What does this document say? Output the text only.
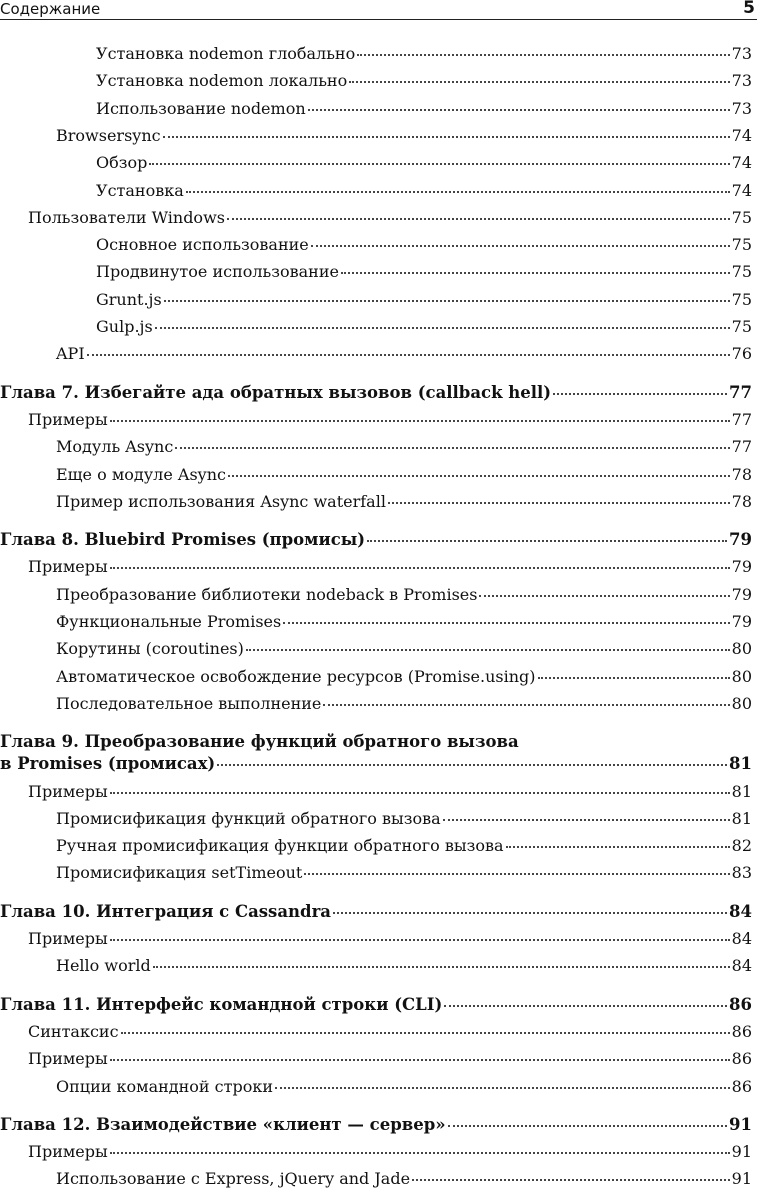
Содержание	5
Установка nodemon глобально	73
Установка nodemon локально	73
Использование nodemon	73
Browsersync	74
Обзор	74
Установка	74
Пользователи Windows	75
Основное использование	75
Продвинутое использование	75
Grunt.js	75
Gulp.js	75
API	76
Глава 7. Избегайте ада обратных вызовов (callback hell)	77
Примеры	77
Модуль Async	77
Еще о модуле Async	78
Пример использования Async waterfall	78
Глава 8. Bluebird Promises (промисы)	79
Примеры	79
Преобразование библиотеки nodeback в Promises	79
Функциональные Promises	79
Корутины (coroutines)	80
Автоматическое освобождение ресурсов (Promise.using)	80
Последовательное выполнение	80
Глава 9. Преобразование функций обратного вызова
в Promises (промисах)	81
Примеры	81
Промисификация функций обратного вызова	81
Ручная промисификация функции обратного вызова	82
Промисификация setTimeout	83
Глава 10. Интеграция с Cassandra	84
Примеры	84
Hello world	84
Глава 11. Интерфейс командной строки (CLI)	86
Синтаксис	86
Примеры	86
Опции командной строки	86
Глава 12. Взаимодействие «клиент — сервер»	91
Примеры	91
Использование с Express, jQuery and Jade	91
